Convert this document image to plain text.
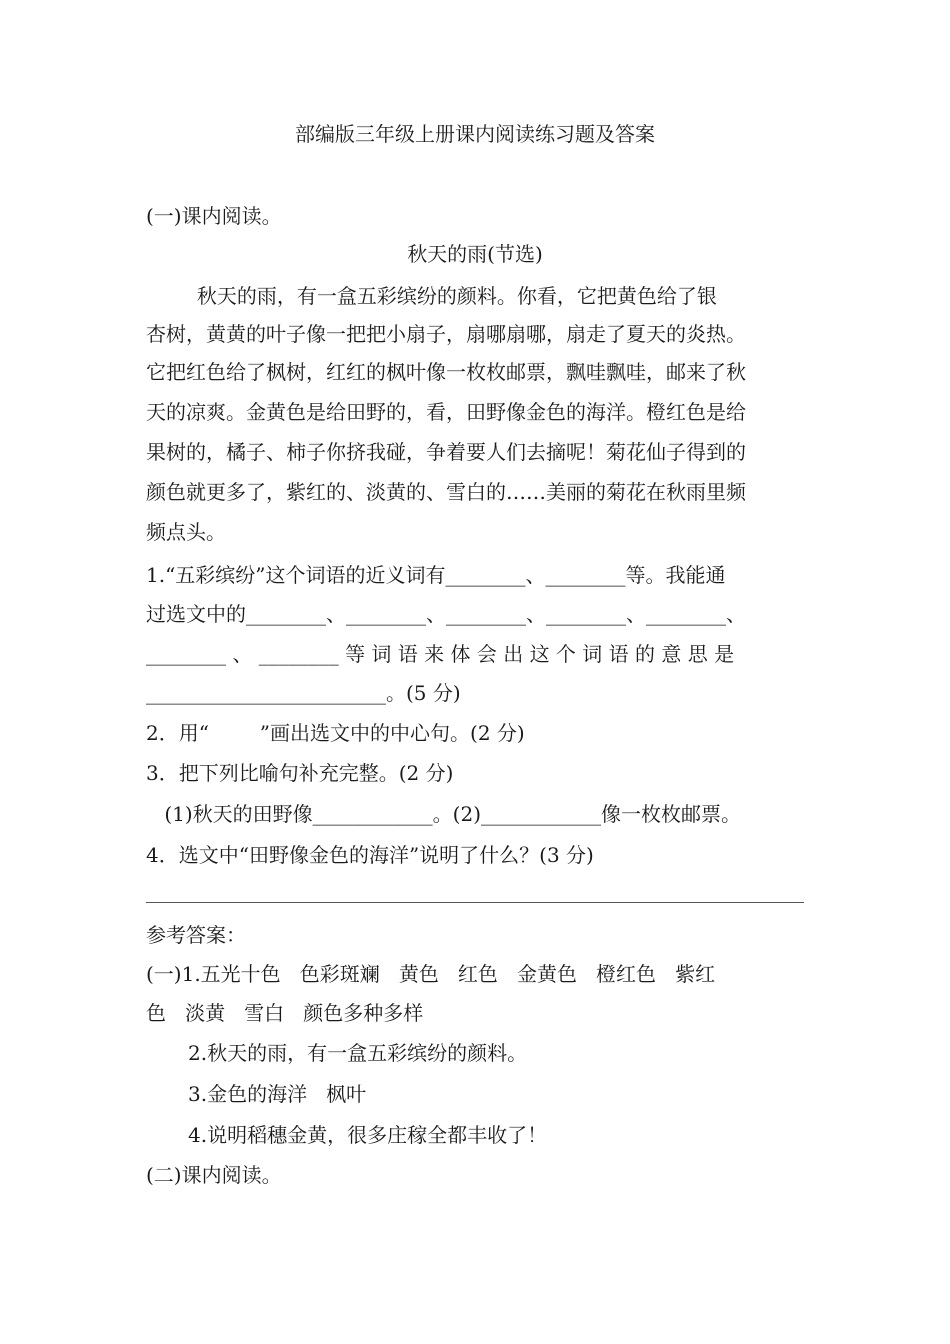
部编版三年级上册课内阅读练习题及答案
(一)课内阅读。
秋天的雨(节选)
秋天的雨，有一盒五彩缤纷的颜料。你看，它把黄色给了银
杏树，黄黄的叶子像一把把小扇子，扇哪扇哪，扇走了夏天的炎热。
它把红色给了枫树，红红的枫叶像一枚枚邮票，飘哇飘哇，邮来了秋
天的凉爽。金黄色是给田野的，看，田野像金色的海洋。橙红色是给
果树的，橘子、柿子你挤我碰，争着要人们去摘呢！菊花仙子得到的
颜色就更多了，紫红的、淡黄的、雪白的……美丽的菊花在秋雨里频
频点头。
1.“五彩缤纷”这个词语的近义词有________、________等。我能通
过选文中的________、________、________、________、________、
________ 、 ________ 等 词 语 来 体 会 出 这 个 词 语 的 意 思 是
________________________。(5 分)
2．用“        ”画出选文中的中心句。(2 分)
3．把下列比喻句补充完整。(2 分)
(1)秋天的田野像____________。(2)____________像一枚枚邮票。
4．选文中“田野像金色的海洋”说明了什么？(3 分)
参考答案：
(一)1.五光十色   色彩斑斓   黄色   红色   金黄色   橙红色   紫红
色   淡黄   雪白   颜色多种多样
2.秋天的雨，有一盒五彩缤纷的颜料。
3.金色的海洋   枫叶
4.说明稻穗金黄，很多庄稼全都丰收了！
(二)课内阅读。
